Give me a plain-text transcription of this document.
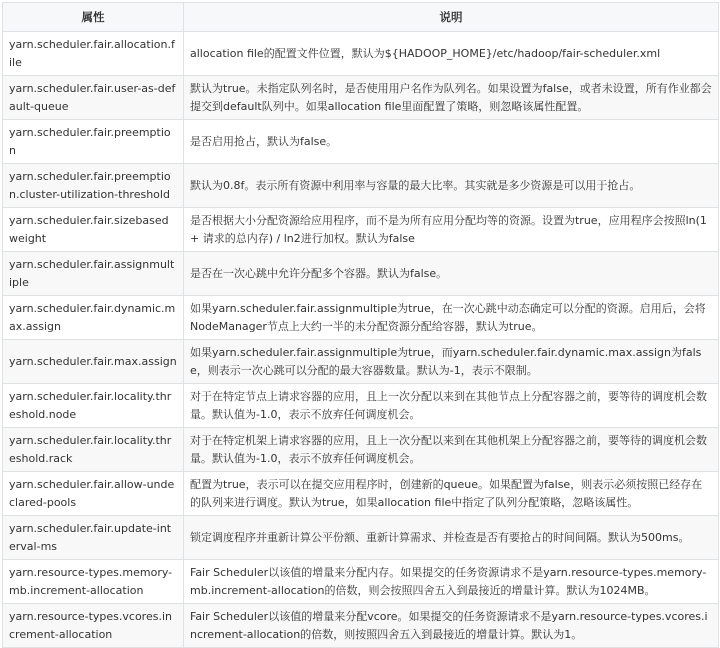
属性	说明
yarn.scheduler.fair.allocation.file	allocation file的配置文件位置，默认为${HADOOP_HOME}/etc/hadoop/fair-scheduler.xml
yarn.scheduler.fair.user-as-default-queue	默认为true。未指定队列名时，是否使用用户名作为队列名。如果设置为false，或者未设置，所有作业都会提交到default队列中。如果allocation file里面配置了策略，则忽略该属性配置。
yarn.scheduler.fair.preemption	是否启用抢占，默认为false。
yarn.scheduler.fair.preemption.cluster-utilization-threshold	默认为0.8f。表示所有资源中利用率与容量的最大比率。其实就是多少资源是可以用于抢占。
yarn.scheduler.fair.sizebasedweight	是否根据大小分配资源给应用程序，而不是为所有应用分配均等的资源。设置为true，应用程序会按照ln(1 + 请求的总内存) / ln2进行加权。默认为false
yarn.scheduler.fair.assignmultiple	是否在一次心跳中允许分配多个容器。默认为false。
yarn.scheduler.fair.dynamic.max.assign	如果yarn.scheduler.fair.assignmultiple为true，在一次心跳中动态确定可以分配的资源。启用后，会将NodeManager节点上大约一半的未分配资源分配给容器，默认为true。
yarn.scheduler.fair.max.assign	如果yarn.scheduler.fair.assignmultiple为true，而yarn.scheduler.fair.dynamic.max.assign为false，则表示一次心跳可以分配的最大容器数量。默认为-1，表示不限制。
yarn.scheduler.fair.locality.threshold.node	对于在特定节点上请求容器的应用，且上一次分配以来到在其他节点上分配容器之前，要等待的调度机会数量。默认值为-1.0，表示不放弃任何调度机会。
yarn.scheduler.fair.locality.threshold.rack	对于在特定机架上请求容器的应用，且上一次分配以来到在其他机架上分配容器之前，要等待的调度机会数量。默认值为-1.0，表示不放弃任何调度机会。
yarn.scheduler.fair.allow-undeclared-pools	配置为true，表示可以在提交应用程序时，创建新的queue。如果配置为false，则表示必须按照已经存在的队列来进行调度。默认为true，如果allocation file中指定了队列分配策略，忽略该属性。
yarn.scheduler.fair.update-interval-ms	锁定调度程序并重新计算公平份额、重新计算需求、并检查是否有要抢占的时间间隔。默认为500ms。
yarn.resource-types.memory-mb.increment-allocation	Fair Scheduler以该值的增量来分配内存。如果提交的任务资源请求不是yarn.resource-types.memory-mb.increment-allocation的倍数，则会按照四舍五入到最接近的增量计算。默认为1024MB。
yarn.resource-types.vcores.increment-allocation	Fair Scheduler以该值的增量来分配vcore。如果提交的任务资源请求不是yarn.resource-types.vcores.increment-allocation的倍数，则按照四舍五入到最接近的增量计算。默认为1。
